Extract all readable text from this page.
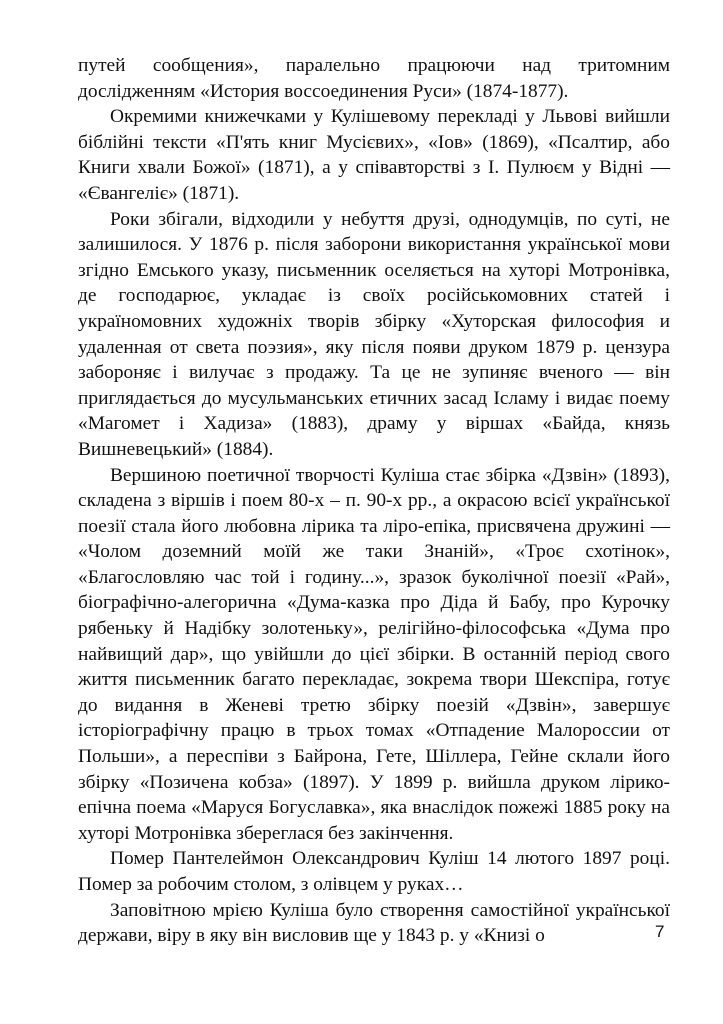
путей сообщения», паралельно працюючи над тритомним дослідженням «История воссоединения Руси» (1874-1877).

Окремими книжечками у Кулішевому перекладі у Львові вийшли біблійні тексти «П'ять книг Мусієвих», «Іов» (1869), «Псалтир, або Книги хвали Божої» (1871), а у співавторстві з І. Пулюєм у Відні — «Євангеліє» (1871).

Роки збігали, відходили у небуття друзі, однодумців, по суті, не залишилося. У 1876 р. після заборони використання української мови згідно Емського указу, письменник оселяється на хуторі Мотронівка, де господарює, укладає із своїх російськомовних статей і україномовних художніх творів збірку «Хуторская философия и удаленная от света поэзия», яку після появи друком 1879 р. цензура забороняє і вилучає з продажу. Та це не зупиняє вченого — він приглядається до мусульманських етичних засад Ісламу і видає поему «Магомет і Хадиза» (1883), драму у віршах «Байда, князь Вишневецький» (1884).

Вершиною поетичної творчості Куліша стає збірка «Дзвін» (1893), складена з віршів і поем 80-х – п. 90-х рр., а окрасою всієї української поезії стала його любовна лірика та ліро-епіка, присвячена дружині — «Чолом доземний моїй же таки Знаній», «Троє схотінок», «Благословляю час той і годину...», зразок буколічної поезії «Рай», біографічно-алегорична «Дума-казка про Діда й Бабу, про Курочку рябеньку й Надібку золотеньку», релігійно-філософська «Дума про найвищий дар», що увійшли до цієї збірки. В останній період свого життя письменник багато перекладає, зокрема твори Шекспіра, готує до видання в Женеві третю збірку поезій «Дзвін», завершує історіографічну працю в трьох томах «Отпадение Малороссии от Польши», а переспіви з Байрона, Гете, Шіллера, Гейне склали його збірку «Позичена кобза» (1897). У 1899 р. вийшла друком ліpико-епічна поема «Маруся Богуславка», яка внаслідок пожежі 1885 року на хуторі Мотронівка збереглася без закінчення.

Помер Пантелеймон Олександрович Куліш 14 лютого 1897 році. Помер за робочим столом, з олівцем у руках…

Заповітною мрією Куліша було створення самостійної української держави, віру в яку він висловив ще у 1843 р. у «Книзі о	7
